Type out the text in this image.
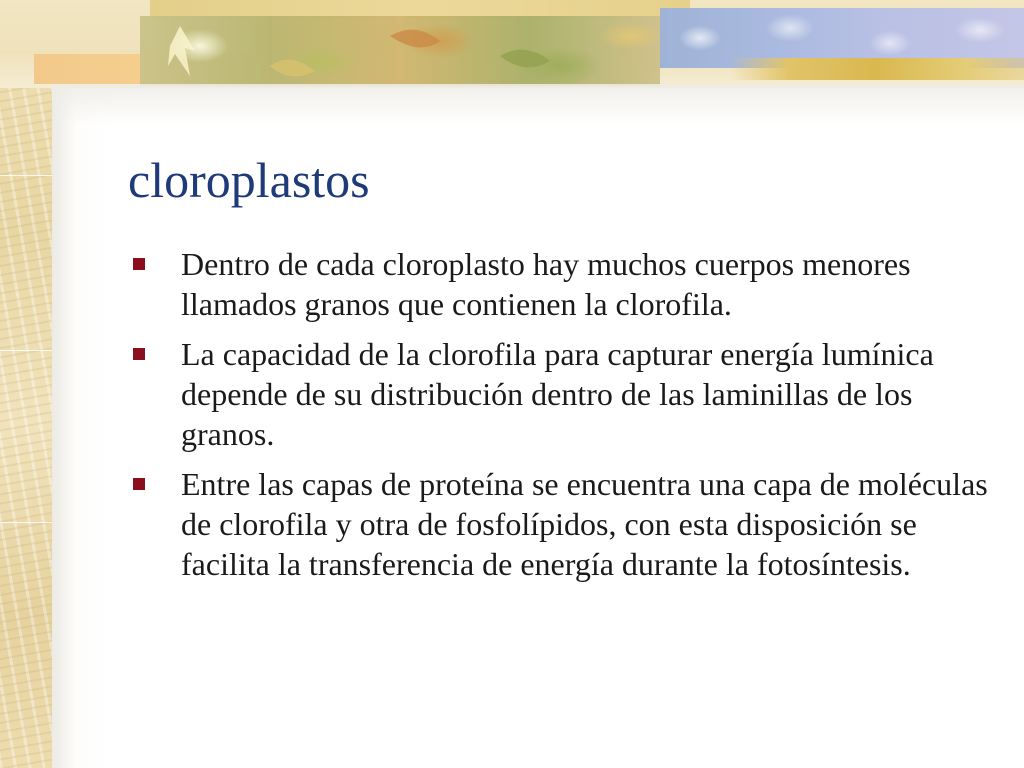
cloroplastos
Dentro de cada cloroplasto hay muchos cuerpos menores llamados granos que contienen la clorofila.
La capacidad de la clorofila para capturar energía lumínica depende de su distribución dentro de las laminillas de los granos.
Entre las capas de proteína se encuentra una capa de moléculas de clorofila y otra de fosfolípidos, con esta disposición se facilita la transferencia de energía durante la fotosíntesis.
